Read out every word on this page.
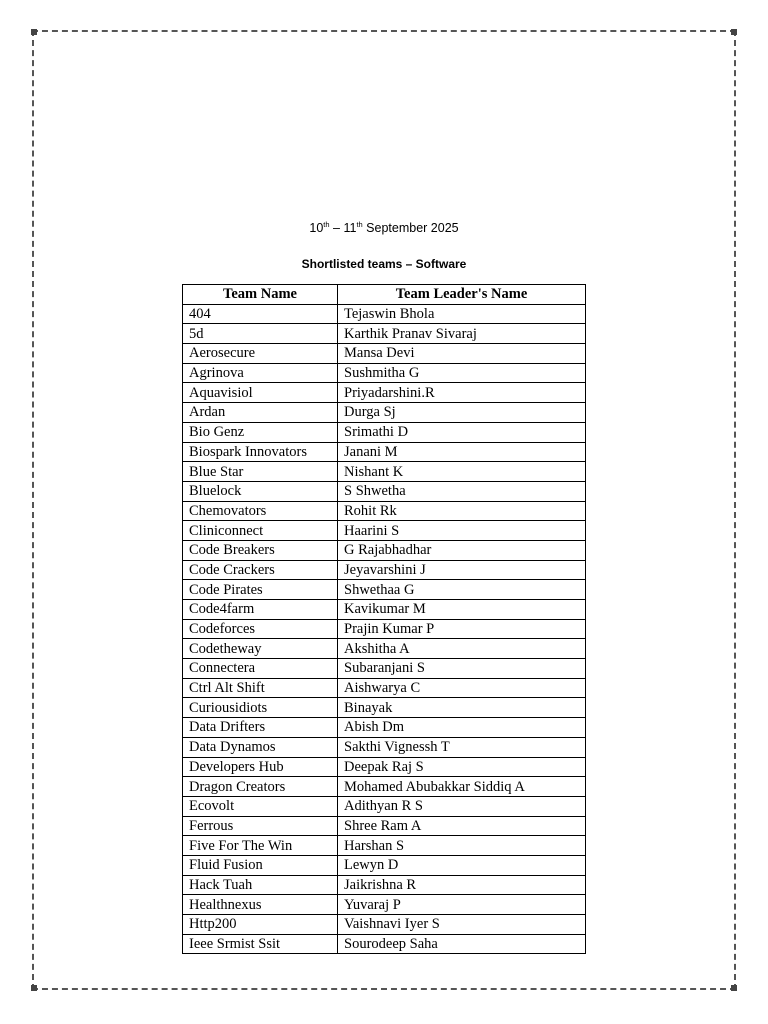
10th – 11th September 2025
Shortlisted teams – Software
Team Name	Team Leader's Name
404	Tejaswin Bhola
5d	Karthik Pranav Sivaraj
Aerosecure	Mansa Devi
Agrinova	Sushmitha G
Aquavisiol	Priyadarshini.R
Ardan	Durga Sj
Bio Genz	Srimathi D
Biospark Innovators	Janani M
Blue Star	Nishant K
Bluelock	S Shwetha
Chemovators	Rohit Rk
Cliniconnect	Haarini S
Code Breakers	G Rajabhadhar
Code Crackers	Jeyavarshini J
Code Pirates	Shwethaa G
Code4farm	Kavikumar M
Codeforces	Prajin Kumar P
Codetheway	Akshitha A
Connectera	Subaranjani S
Ctrl Alt Shift	Aishwarya C
Curiousidiots	Binayak
Data Drifters	Abish Dm
Data Dynamos	Sakthi Vignessh T
Developers Hub	Deepak Raj S
Dragon Creators	Mohamed Abubakkar Siddiq A
Ecovolt	Adithyan R S
Ferrous	Shree Ram A
Five For The Win	Harshan S
Fluid Fusion	Lewyn D
Hack Tuah	Jaikrishna R
Healthnexus	Yuvaraj P
Http200	Vaishnavi Iyer S
Ieee Srmist Ssit	Sourodeep Saha
